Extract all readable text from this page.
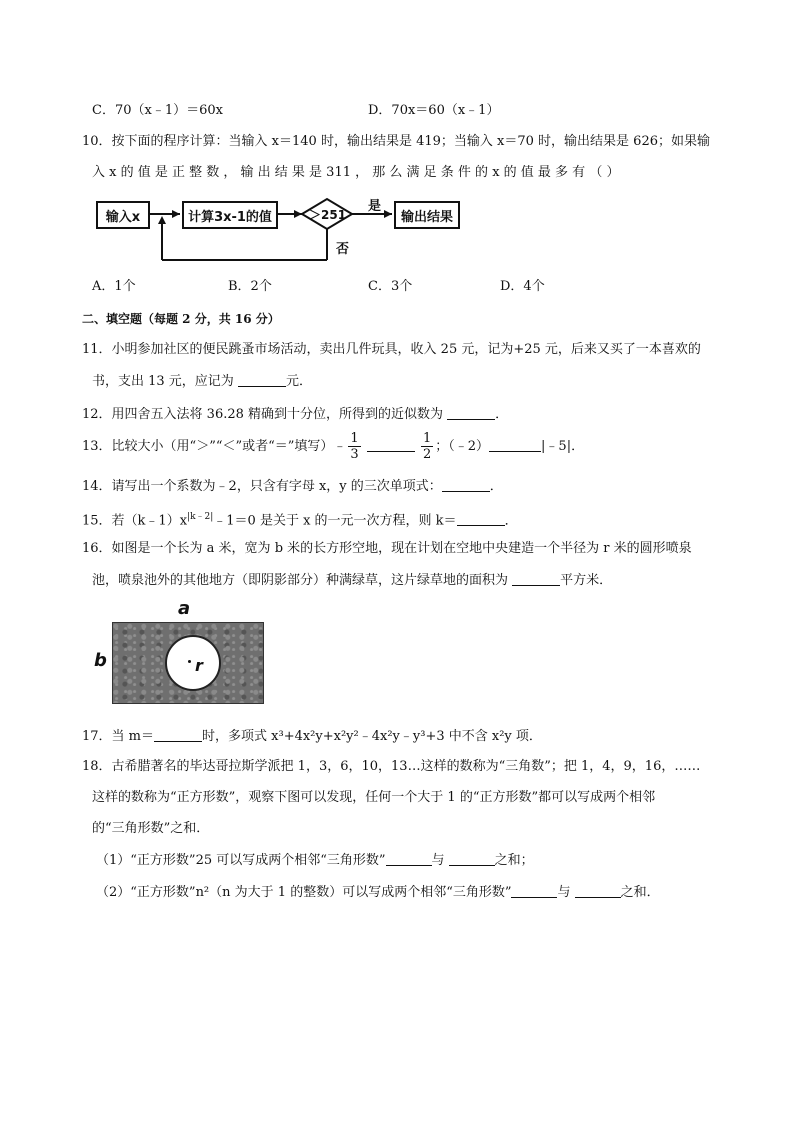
C．70（x﹣1）＝60x	D．70x＝60（x﹣1）
10．按下面的程序计算：当输入 x＝140 时，输出结果是 419；当输入 x＝70 时，输出结果是 626；如果输
入 x 的 值 是 正 整 数 ， 输 出 结 果 是 311 ， 那 么 满 足 条 件 的 x 的 值 最 多 有 （ ）
输入x	计算3x-1的值	＞251
是
否
输出结果
A．1个	B．2个	C．3个	D．4个
二、填空题（每题 2 分，共 16 分）
11．小明参加社区的便民跳蚤市场活动，卖出几件玩具，收入 25 元，记为+25 元，后来又买了一本喜欢的
书，支出 13 元，应记为	元．
12．用四舍五入法将 36.28 精确到十分位，所得到的近似数为	．
13．比较大小（用“＞”“＜”或者“＝”填写）﹣ $\frac{1}{3}$
	$\frac{1}{2}$ ；（﹣2）	|﹣5|．
14．请写出一个系数为﹣2，只含有字母 x，y 的三次单项式：	．
15．若$(k﹣1)x^{|k﹣2|}﹣1=0$ 是关于 x 的一元一次方程，则 k＝	．
16．如图是一个长为 a 米，宽为 b 米的长方形空地，现在计划在空地中央建造一个半径为 r 米的圆形喷泉
池，喷泉池外的其他地方（即阴影部分）种满绿草，这片绿草地的面积为	平方米．
a
b	r
17．当 m＝	时，多项式 x³+4x²y+x²y²﹣4x²y﹣y³+3 中不含 x²y 项．
18．古希腊著名的毕达哥拉斯学派把 1，3，6，10，13…这样的数称为“三角数”；把 1，4，9，16，……
这样的数称为“正方形数”，观察下图可以发现，任何一个大于 1 的“正方形数”都可以写成两个相邻
的“三角形数”之和．
（1）“正方形数”25 可以写成两个相邻“三角形数”	与	之和；
（2）“正方形数”n²（n 为大于 1 的整数）可以写成两个相邻“三角形数”	与	之和．
